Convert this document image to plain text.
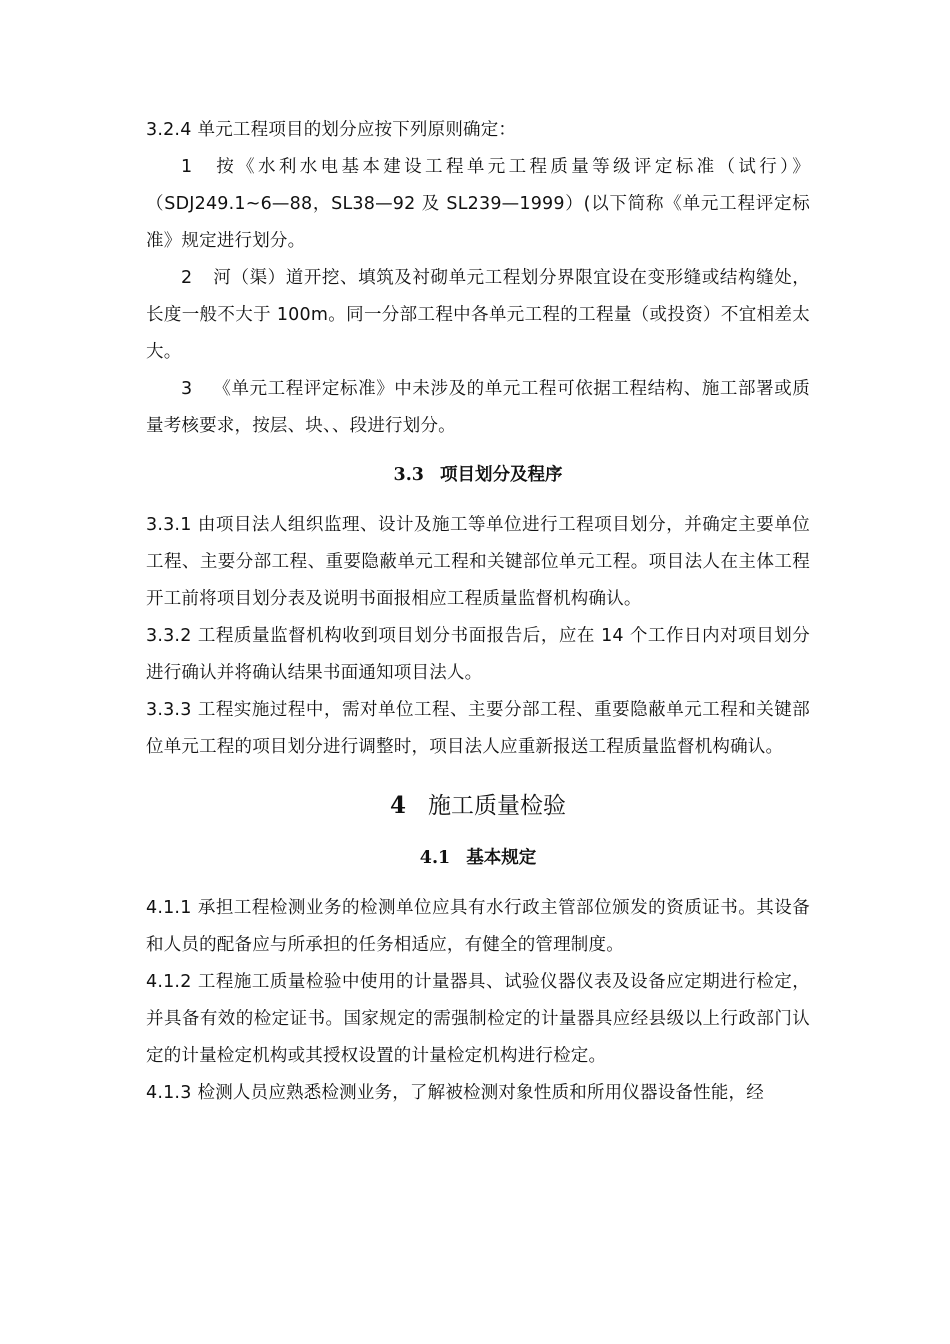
3.2.4 单元工程项目的划分应按下列原则确定：

1 按《水利水电基本建设工程单元工程质量等级评定标准（试行）》（SDJ249.1~6—88，SL38—92 及 SL239—1999）(以下简称《单元工程评定标准》规定进行划分。

2 河（渠）道开挖、填筑及衬砌单元工程划分界限宜设在变形缝或结构缝处，长度一般不大于 100m。同一分部工程中各单元工程的工程量（或投资）不宜相差太大。

3 《单元工程评定标准》中未涉及的单元工程可依据工程结构、施工部署或质量考核要求，按层、块、、段进行划分。

3.3 项目划分及程序

3.3.1 由项目法人组织监理、设计及施工等单位进行工程项目划分，并确定主要单位工程、主要分部工程、重要隐蔽单元工程和关键部位单元工程。项目法人在主体工程开工前将项目划分表及说明书面报相应工程质量监督机构确认。

3.3.2 工程质量监督机构收到项目划分书面报告后，应在 14 个工作日内对项目划分进行确认并将确认结果书面通知项目法人。

3.3.3 工程实施过程中，需对单位工程、主要分部工程、重要隐蔽单元工程和关键部位单元工程的项目划分进行调整时，项目法人应重新报送工程质量监督机构确认。

4 施工质量检验
4.1 基本规定

4.1.1 承担工程检测业务的检测单位应具有水行政主管部位颁发的资质证书。其设备和人员的配备应与所承担的任务相适应，有健全的管理制度。

4.1.2 工程施工质量检验中使用的计量器具、试验仪器仪表及设备应定期进行检定，并具备有效的检定证书。国家规定的需强制检定的计量器具应经县级以上行政部门认定的计量检定机构或其授权设置的计量检定机构进行检定。

4.1.3 检测人员应熟悉检测业务，了解被检测对象性质和所用仪器设备性能，经
